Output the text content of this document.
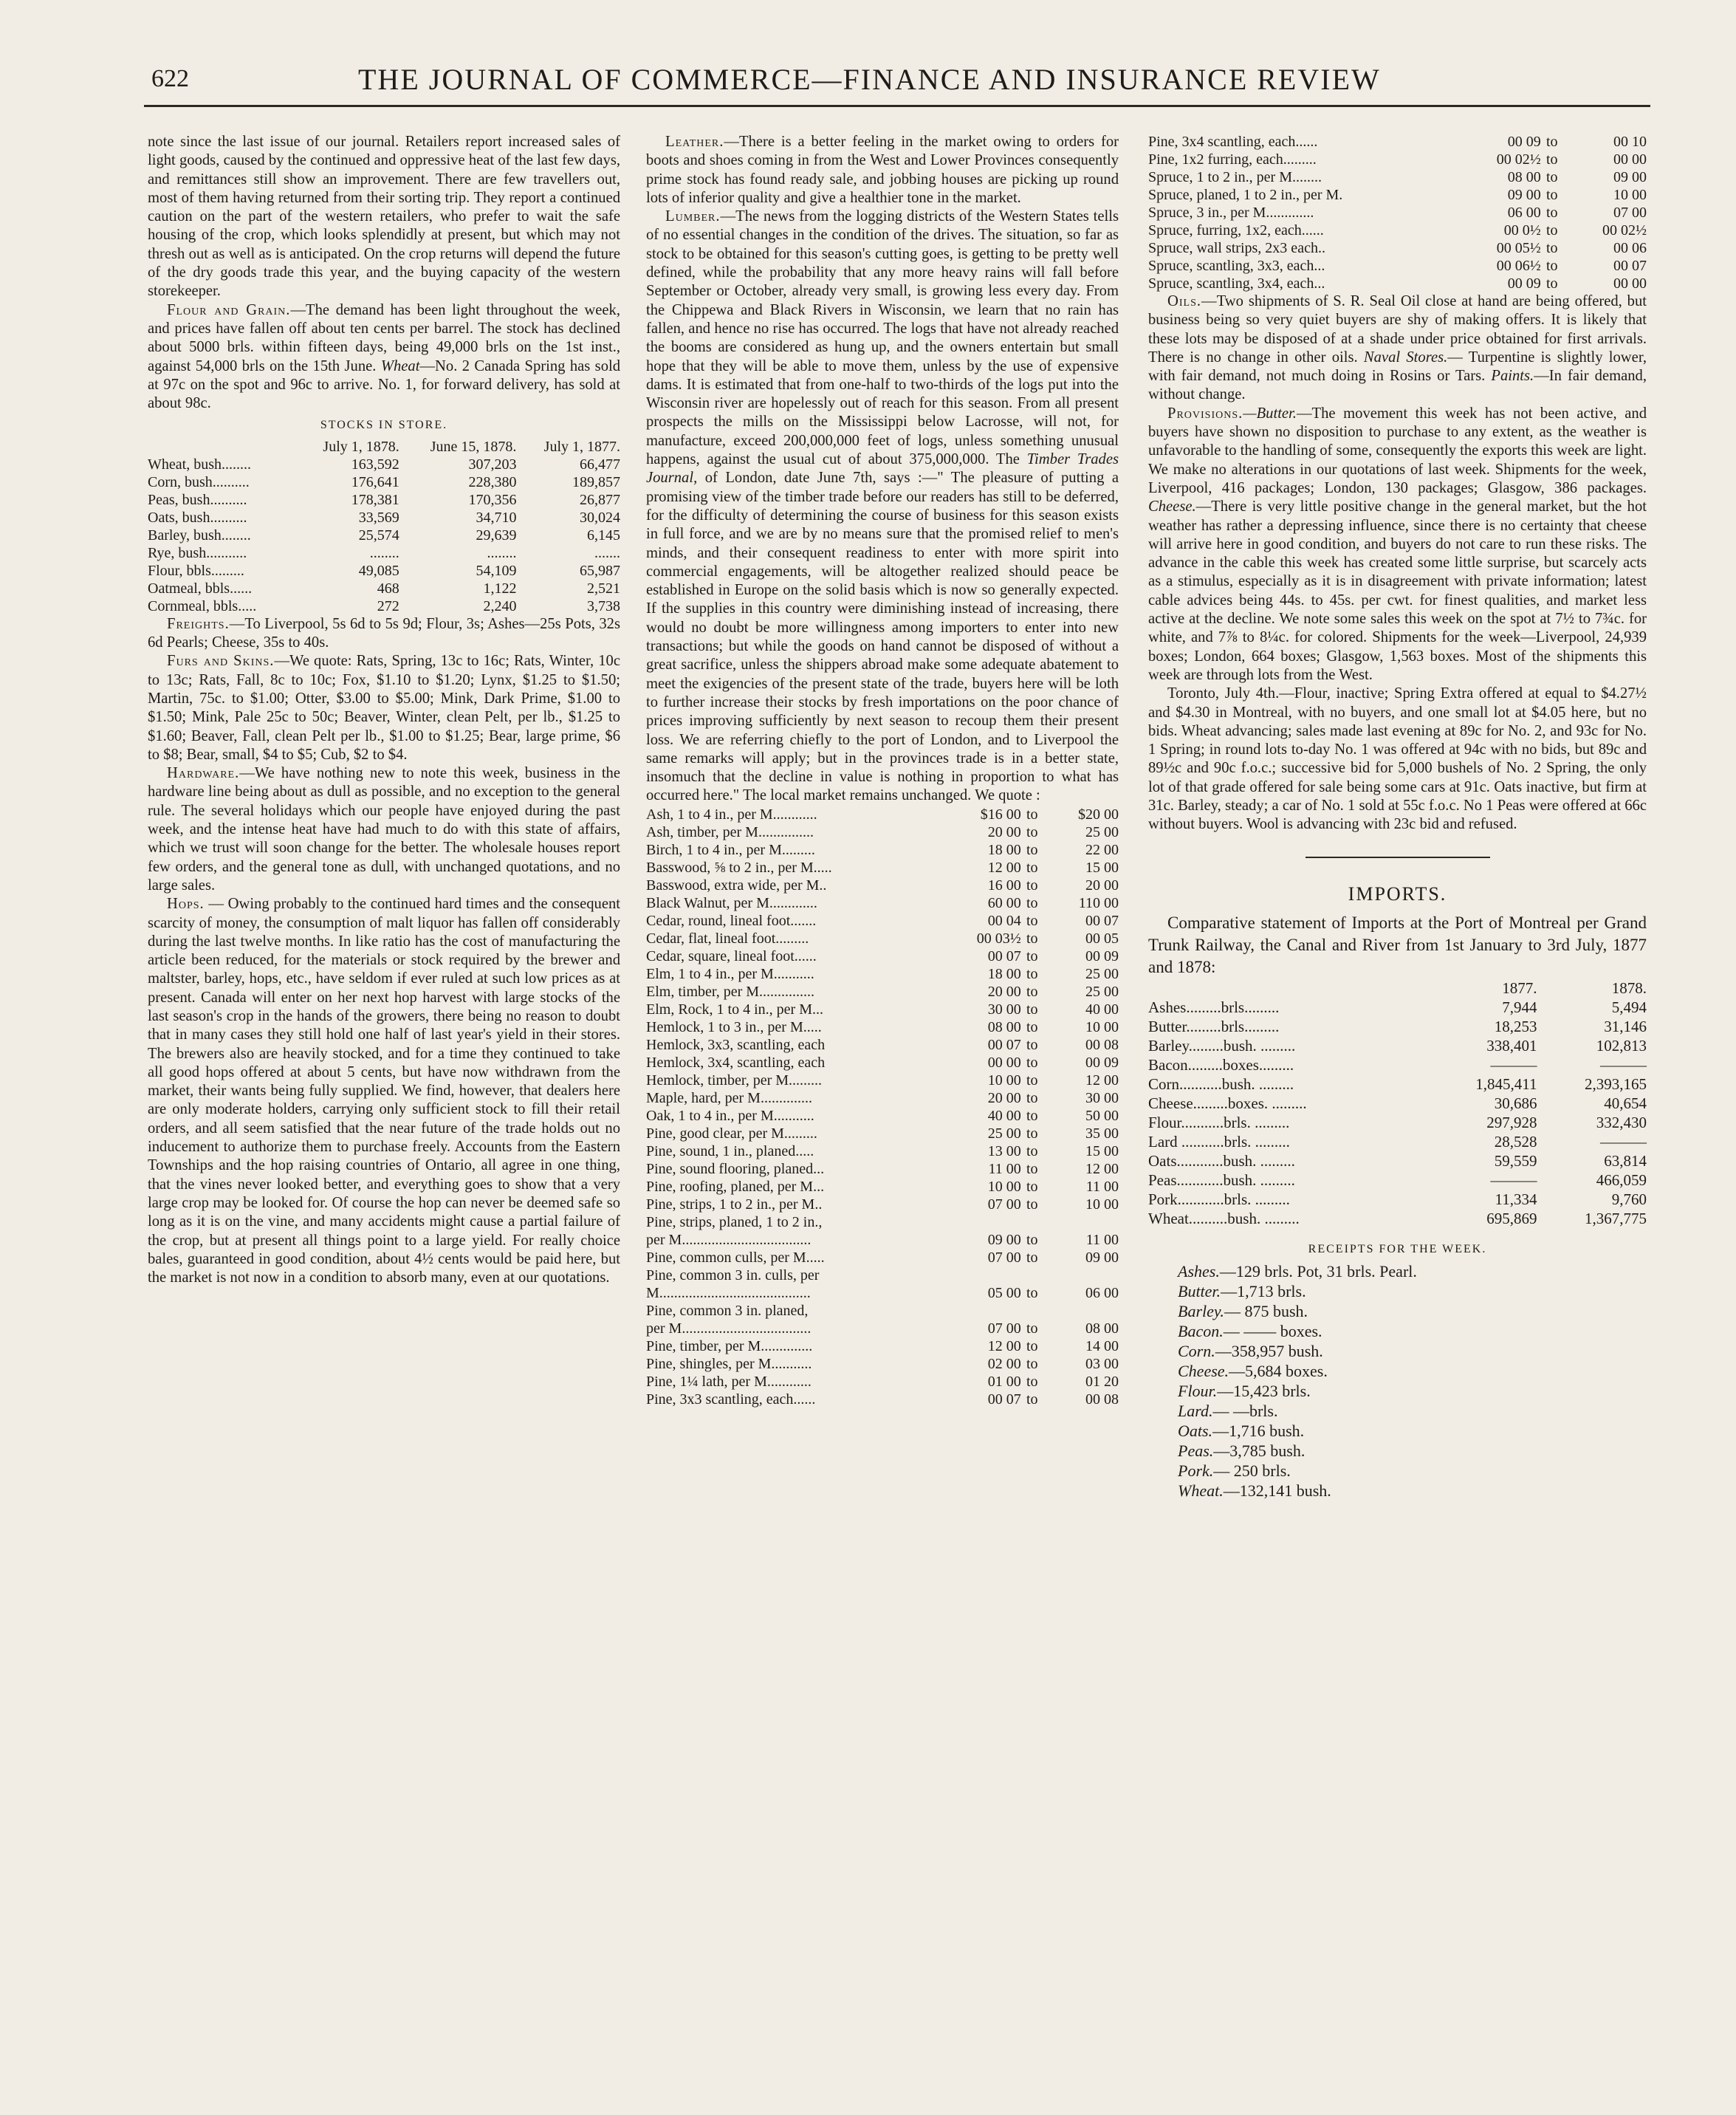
622	THE JOURNAL OF COMMERCE—FINANCE AND INSURANCE REVIEW

note since the last issue of our journal. Retailers report increased sales of light goods, caused by the continued and oppressive heat of the last few days, and remittances still show an improvement. There are few travellers out, most of them having returned from their sorting trip. They report a continued caution on the part of the western retailers, who prefer to wait the safe housing of the crop, which looks splendidly at present, but which may not thresh out as well as is anticipated. On the crop returns will depend the future of the dry goods trade this year, and the buying capacity of the western storekeeper.

Flour and Grain.—The demand has been light throughout the week, and prices have fallen off about ten cents per barrel. The stock has declined about 5000 brls. within fifteen days, being 49,000 brls on the 1st inst., against 54,000 brls on the 15th June. Wheat—No. 2 Canada Spring has sold at 97c on the spot and 96c to arrive. No. 1, for forward delivery, has sold at about 98c.

STOCKS IN STORE.
	July 1, 1878.	June 15, 1878.	July 1, 1877.
Wheat, bush........	163,592	307,203	66,477
Corn, bush..........	176,641	228,380	189,857
Peas, bush..........	178,381	170,356	26,877
Oats, bush..........	33,569	34,710	30,024
Barley, bush........	25,574	29,639	6,145
Rye, bush...........	........	........	.......
Flour, bbls.........	49,085	54,109	65,987
Oatmeal, bbls......	468	1,122	2,521
Cornmeal, bbls.....	272	2,240	3,738

Freights.—To Liverpool, 5s 6d to 5s 9d; Flour, 3s; Ashes—25s Pots, 32s 6d Pearls; Cheese, 35s to 40s.

Furs and Skins.—We quote: Rats, Spring, 13c to 16c; Rats, Winter, 10c to 13c; Rats, Fall, 8c to 10c; Fox, $1.10 to $1.20; Lynx, $1.25 to $1.50; Martin, 75c. to $1.00; Otter, $3.00 to $5.00; Mink, Dark Prime, $1.00 to $1.50; Mink, Pale 25c to 50c; Beaver, Winter, clean Pelt, per lb., $1.25 to $1.60; Beaver, Fall, clean Pelt per lb., $1.00 to $1.25; Bear, large prime, $6 to $8; Bear, small, $4 to $5; Cub, $2 to $4.

Hardware.—We have nothing new to note this week, business in the hardware line being about as dull as possible, and no exception to the general rule. The several holidays which our people have enjoyed during the past week, and the intense heat have had much to do with this state of affairs, which we trust will soon change for the better. The wholesale houses report few orders, and the general tone as dull, with unchanged quotations, and no large sales.

Hops. — Owing probably to the continued hard times and the consequent scarcity of money, the consumption of malt liquor has fallen off considerably during the last twelve months. In like ratio has the cost of manufacturing the article been reduced, for the materials or stock required by the brewer and maltster, barley, hops, etc., have seldom if ever ruled at such low prices as at present. Canada will enter on her next hop harvest with large stocks of the last season's crop in the hands of the growers, there being no reason to doubt that in many cases they still hold one half of last year's yield in their stores. The brewers also are heavily stocked, and for a time they continued to take all good hops offered at about 5 cents, but have now withdrawn from the market, their wants being fully supplied. We find, however, that dealers here are only moderate holders, carrying only sufficient stock to fill their retail orders, and all seem satisfied that the near future of the trade holds out no inducement to authorize them to purchase freely. Accounts from the Eastern Townships and the hop raising countries of Ontario, all agree in one thing, that the vines never looked better, and everything goes to show that a very large crop may be looked for. Of course the hop can never be deemed safe so long as it is on the vine, and many accidents might cause a partial failure of the crop, but at present all things point to a large yield. For really choice bales, guaranteed in good condition, about 4½ cents would be paid here, but the market is not now in a condition to absorb many, even at our quotations.

Leather.—There is a better feeling in the market owing to orders for boots and shoes coming in from the West and Lower Provinces consequently prime stock has found ready sale, and jobbing houses are picking up round lots of inferior quality and give a healthier tone in the market.

Lumber.—The news from the logging districts of the Western States tells of no essential changes in the condition of the drives. The situation, so far as stock to be obtained for this season's cutting goes, is getting to be pretty well defined, while the probability that any more heavy rains will fall before September or October, already very small, is growing less every day. From the Chippewa and Black Rivers in Wisconsin, we learn that no rain has fallen, and hence no rise has occurred. The logs that have not already reached the booms are considered as hung up, and the owners entertain but small hope that they will be able to move them, unless by the use of expensive dams. It is estimated that from one-half to two-thirds of the logs put into the Wisconsin river are hopelessly out of reach for this season. From all present prospects the mills on the Mississippi below Lacrosse, will not, for manufacture, exceed 200,000,000 feet of logs, unless something unusual happens, against the usual cut of about 375,000,000. The Timber Trades Journal, of London, date June 7th, says :—" The pleasure of putting a promising view of the timber trade before our readers has still to be deferred, for the difficulty of determining the course of business for this season exists in full force, and we are by no means sure that the promised relief to men's minds, and their consequent readiness to enter with more spirit into commercial engagements, will be altogether realized should peace be established in Europe on the solid basis which is now so generally expected. If the supplies in this country were diminishing instead of increasing, there would no doubt be more willingness among importers to enter into new transactions; but while the goods on hand cannot be disposed of without a great sacrifice, unless the shippers abroad make some adequate abatement to meet the exigencies of the present state of the trade, buyers here will be loth to further increase their stocks by fresh importations on the poor chance of prices improving sufficiently by next season to recoup them their present loss. We are referring chiefly to the port of London, and to Liverpool the same remarks will apply; but in the provinces trade is in a better state, insomuch that the decline in value is nothing in proportion to what has occurred here." The local market remains unchanged. We quote :

Ash, 1 to 4 in., per M............	$16 00	to	$20 00
Ash, timber, per M...............	20 00	to	25 00
Birch, 1 to 4 in., per M.........	18 00	to	22 00
Basswood, ⅝ to 2 in., per M.....	12 00	to	15 00
Basswood, extra wide, per M..	16 00	to	20 00
Black Walnut, per M.............	60 00	to	110 00
Cedar, round, lineal foot.......	00 04	to	00 07
Cedar, flat, lineal foot.........	00 03½	to	00 05
Cedar, square, lineal foot......	00 07	to	00 09
Elm, 1 to 4 in., per M...........	18 00	to	25 00
Elm, timber, per M...............	20 00	to	25 00
Elm, Rock, 1 to 4 in., per M...	30 00	to	40 00
Hemlock, 1 to 3 in., per M.....	08 00	to	10 00
Hemlock, 3x3, scantling, each	00 07	to	00 08
Hemlock, 3x4, scantling, each	00 00	to	00 09
Hemlock, timber, per M.........	10 00	to	12 00
Maple, hard, per M..............	20 00	to	30 00
Oak, 1 to 4 in., per M...........	40 00	to	50 00
Pine, good clear, per M.........	25 00	to	35 00
Pine, sound, 1 in., planed.....	13 00	to	15 00
Pine, sound flooring, planed...	11 00	to	12 00
Pine, roofing, planed, per M...	10 00	to	11 00
Pine, strips, 1 to 2 in., per M..	07 00	to	10 00
Pine, strips, planed, 1 to 2 in.,			
per M...................................	09 00	to	11 00
Pine, common culls, per M.....	07 00	to	09 00
Pine, common 3 in. culls, per			
M.........................................	05 00	to	06 00
Pine, common 3 in. planed,			
per M...................................	07 00	to	08 00
Pine, timber, per M..............	12 00	to	14 00
Pine, shingles, per M...........	02 00	to	03 00
Pine, 1¼ lath, per M............	01 00	to	01 20
Pine, 3x3 scantling, each......	00 07	to	00 08
Pine, 3x4 scantling, each......	00 09	to	00 10
Pine, 1x2 furring, each.........	00 02½	to	00 00
Spruce, 1 to 2 in., per M........	08 00	to	09 00
Spruce, planed, 1 to 2 in., per M.	09 00	to	10 00
Spruce, 3 in., per M.............	06 00	to	07 00
Spruce, furring, 1x2, each......	00 0½	to	00 02½
Spruce, wall strips, 2x3 each..	00 05½	to	00 06
Spruce, scantling, 3x3, each...	00 06½	to	00 07
Spruce, scantling, 3x4, each...	00 09	to	00 00

Oils.—Two shipments of S. R. Seal Oil close at hand are being offered, but business being so very quiet buyers are shy of making offers. It is likely that these lots may be disposed of at a shade under price obtained for first arrivals. There is no change in other oils. Naval Stores.— Turpentine is slightly lower, with fair demand, not much doing in Rosins or Tars. Paints.—In fair demand, without change.

Provisions.—Butter.—The movement this week has not been active, and buyers have shown no disposition to purchase to any extent, as the weather is unfavorable to the handling of some, consequently the exports this week are light. We make no alterations in our quotations of last week. Shipments for the week, Liverpool, 416 packages; London, 130 packages; Glasgow, 386 packages. Cheese.—There is very little positive change in the general market, but the hot weather has rather a depressing influence, since there is no certainty that cheese will arrive here in good condition, and buyers do not care to run these risks. The advance in the cable this week has created some little surprise, but scarcely acts as a stimulus, especially as it is in disagreement with private information; latest cable advices being 44s. to 45s. per cwt. for finest qualities, and market less active at the decline. We note some sales this week on the spot at 7½ to 7¾c. for white, and 7⅞ to 8¼c. for colored. Shipments for the week—Liverpool, 24,939 boxes; London, 664 boxes; Glasgow, 1,563 boxes. Most of the shipments this week are through lots from the West.

Toronto, July 4th.—Flour, inactive; Spring Extra offered at equal to $4.27½ and $4.30 in Montreal, with no buyers, and one small lot at $4.05 here, but no bids. Wheat advancing; sales made last evening at 89c for No. 2, and 93c for No. 1 Spring; in round lots to-day No. 1 was offered at 94c with no bids, but 89c and 89½c and 90c f.o.c.; successive bid for 5,000 bushels of No. 2 Spring, the only lot of that grade offered for sale being some cars at 91c. Oats inactive, but firm at 31c. Barley, steady; a car of No. 1 sold at 55c f.o.c. No 1 Peas were offered at 66c without buyers. Wool is advancing with 23c bid and refused.

IMPORTS.

Comparative statement of Imports at the Port of Montreal per Grand Trunk Railway, the Canal and River from 1st January to 3rd July, 1877 and 1878:

	1877.	1878.
Ashes.........brls.........	7,944	5,494
Butter.........brls.........	18,253	31,146
Barley.........bush. .........	338,401	102,813
Bacon.........boxes.........	———	———
Corn...........bush. .........	1,845,411	2,393,165
Cheese.........boxes. .........	30,686	40,654
Flour...........brls. .........	297,928	332,430
Lard ...........brls. .........	28,528	———
Oats............bush. .........	59,559	63,814
Peas............bush. .........	———	466,059
Pork............brls. .........	11,334	9,760
Wheat..........bush. .........	695,869	1,367,775
RECEIPTS FOR THE WEEK.
Ashes.—129 brls. Pot, 31 brls. Pearl.
Butter.—1,713 brls.
Barley.— 875 bush.
Bacon.— —— boxes.
Corn.—358,957 bush.
Cheese.—5,684 boxes.
Flour.—15,423 brls.
Lard.— —brls.
Oats.—1,716 bush.
Peas.—3,785 bush.
Pork.— 250 brls.
Wheat.—132,141 bush.
